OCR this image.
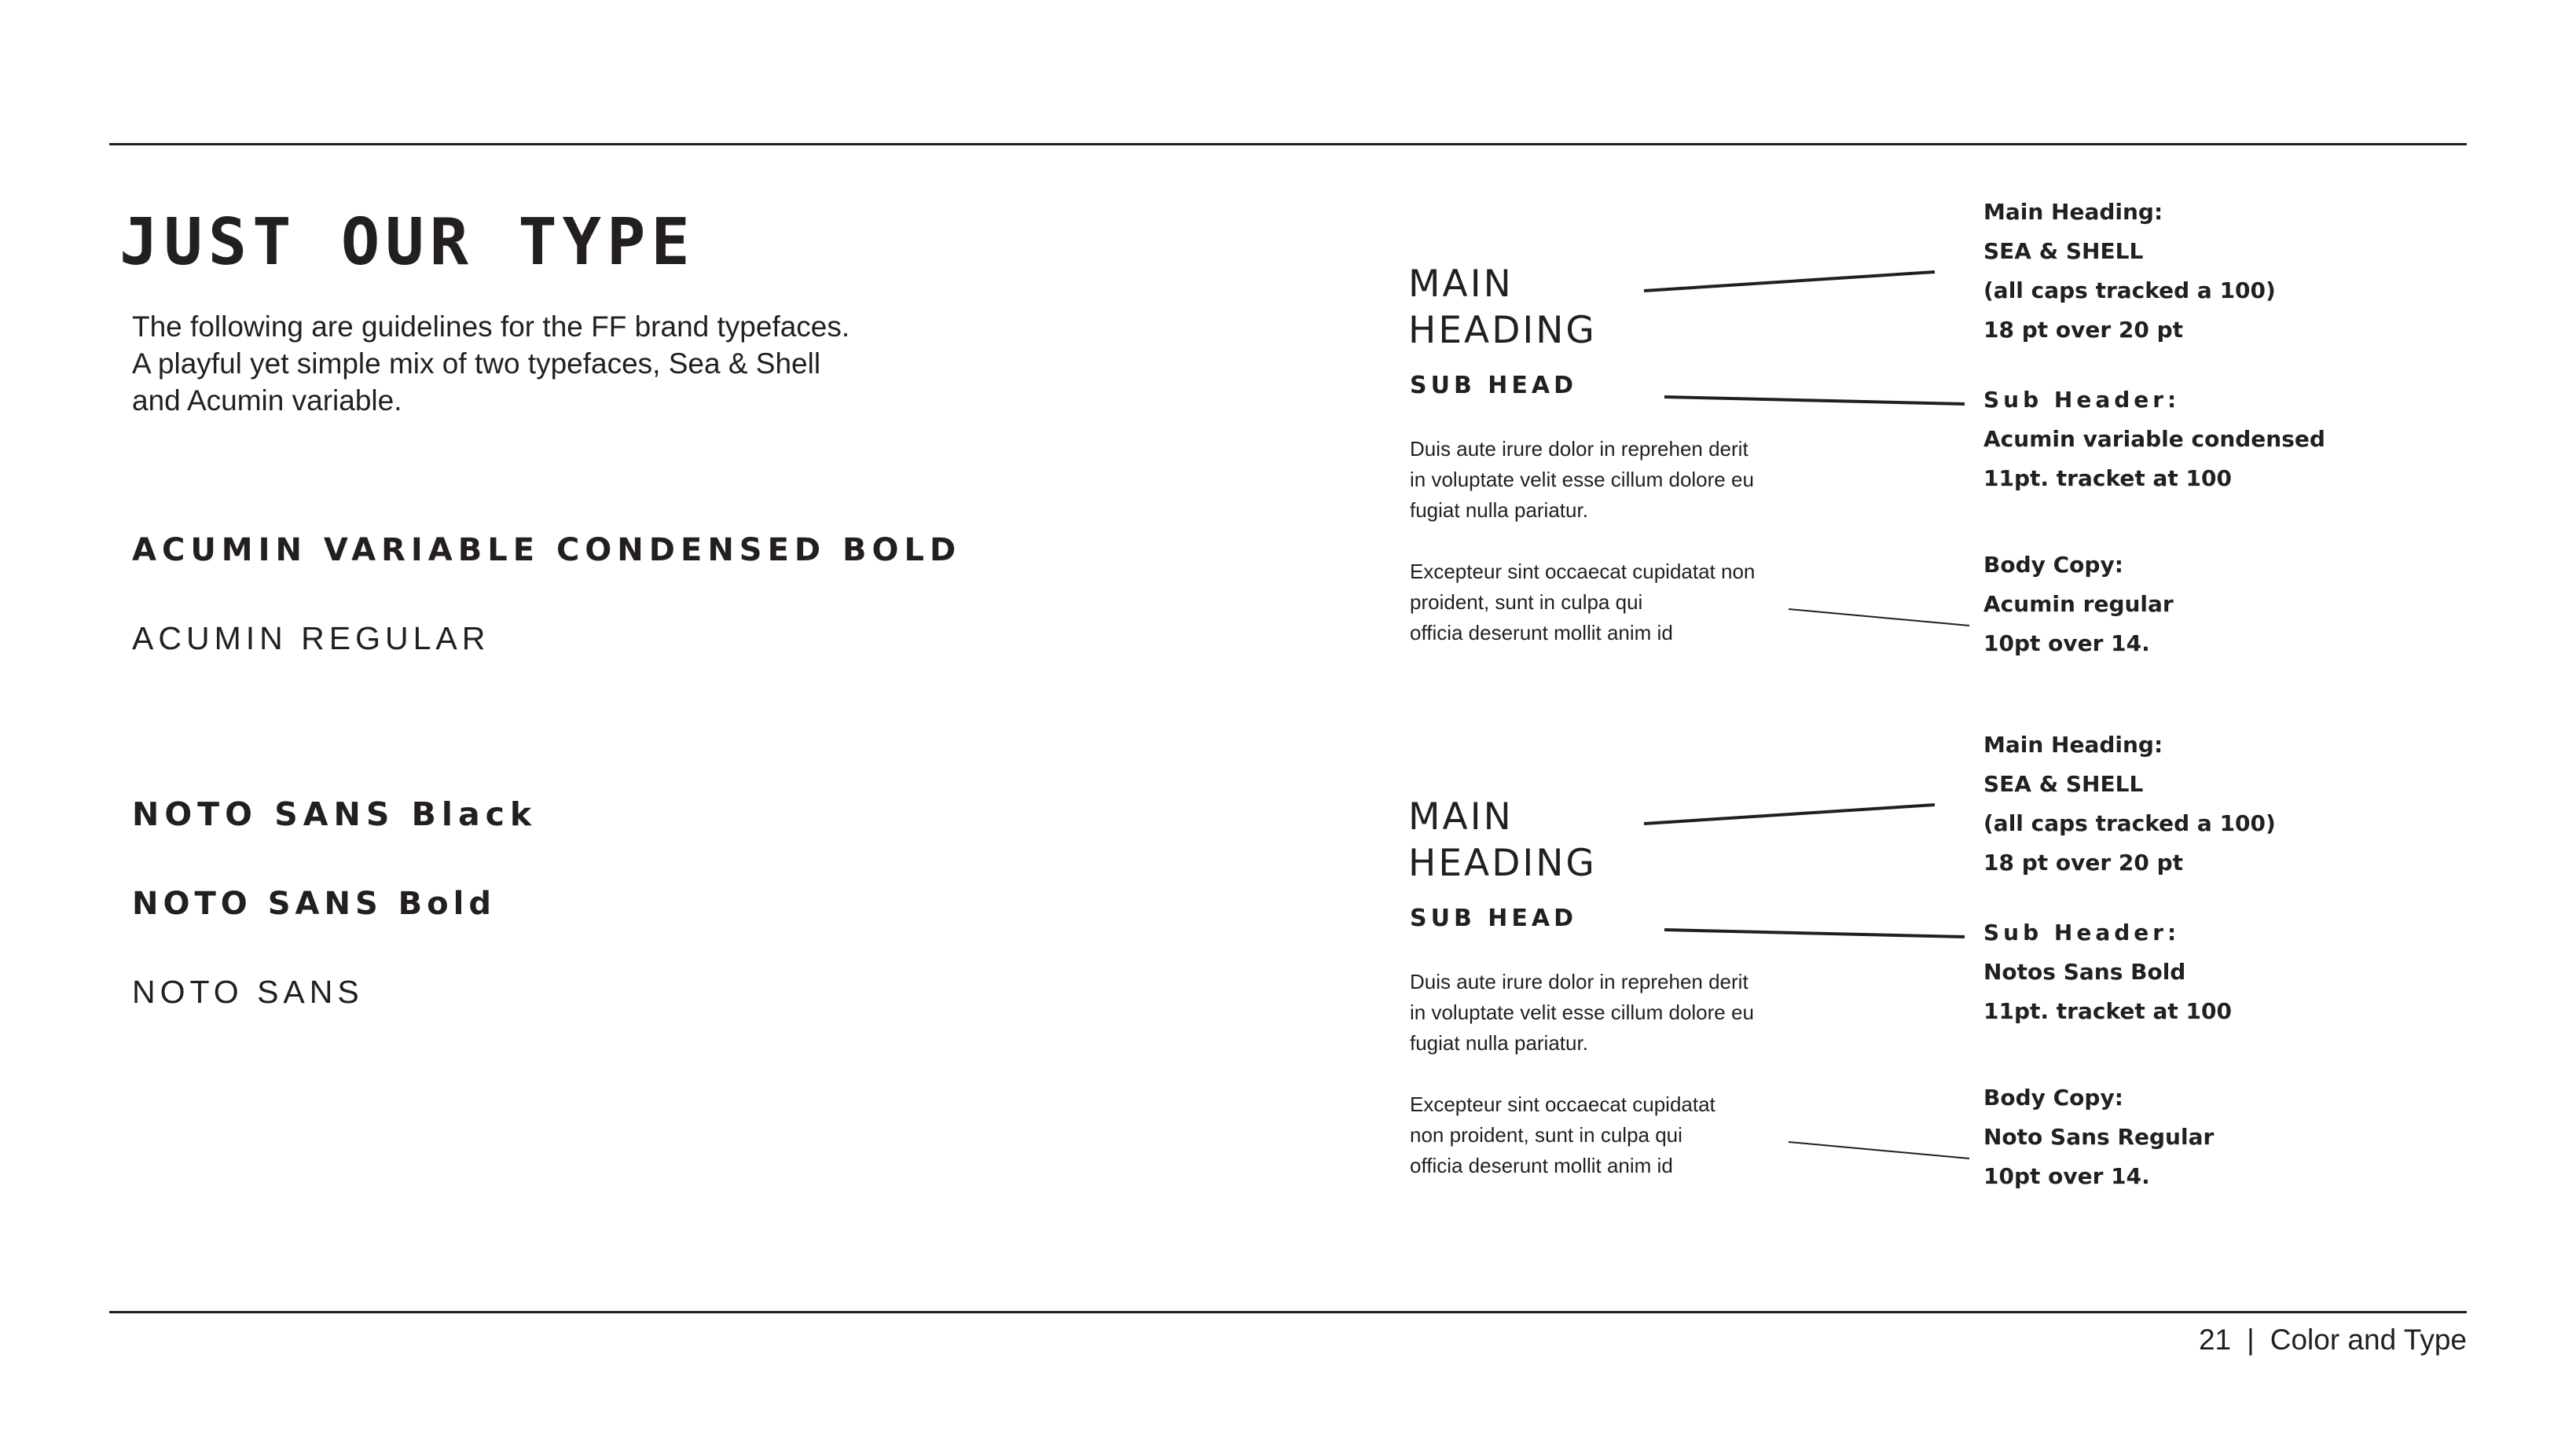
JUST OUR TYPE
The following are guidelines for the FF brand typefaces.
A playful yet simple mix of two typefaces, Sea & Shell
and Acumin variable.
ACUMIN VARIABLE CONDENSED BOLD
ACUMIN REGULAR
NOTO SANS Black
NOTO SANS Bold
NOTO SANS
MAIN
HEADING
SUB HEAD
Duis aute irure dolor in reprehen derit
in voluptate velit esse cillum dolore eu
fugiat nulla pariatur.
Excepteur sint occaecat cupidatat non
proident, sunt in culpa qui
officia deserunt mollit anim id
Main Heading:
SEA & SHELL
(all caps tracked a 100)
18 pt over 20 pt
Sub Header:
Acumin variable condensed
11pt. tracket at 100
Body Copy:
Acumin regular
10pt over 14.
MAIN
HEADING
SUB HEAD
Duis aute irure dolor in reprehen derit
in voluptate velit esse cillum dolore eu
fugiat nulla pariatur.
Excepteur sint occaecat cupidatat
non proident, sunt in culpa qui
officia deserunt mollit anim id
Main Heading:
SEA & SHELL
(all caps tracked a 100)
18 pt over 20 pt
Sub Header:
Notos Sans Bold
11pt. tracket at 100
Body Copy:
Noto Sans Regular
10pt over 14.
21 | Color and Type
